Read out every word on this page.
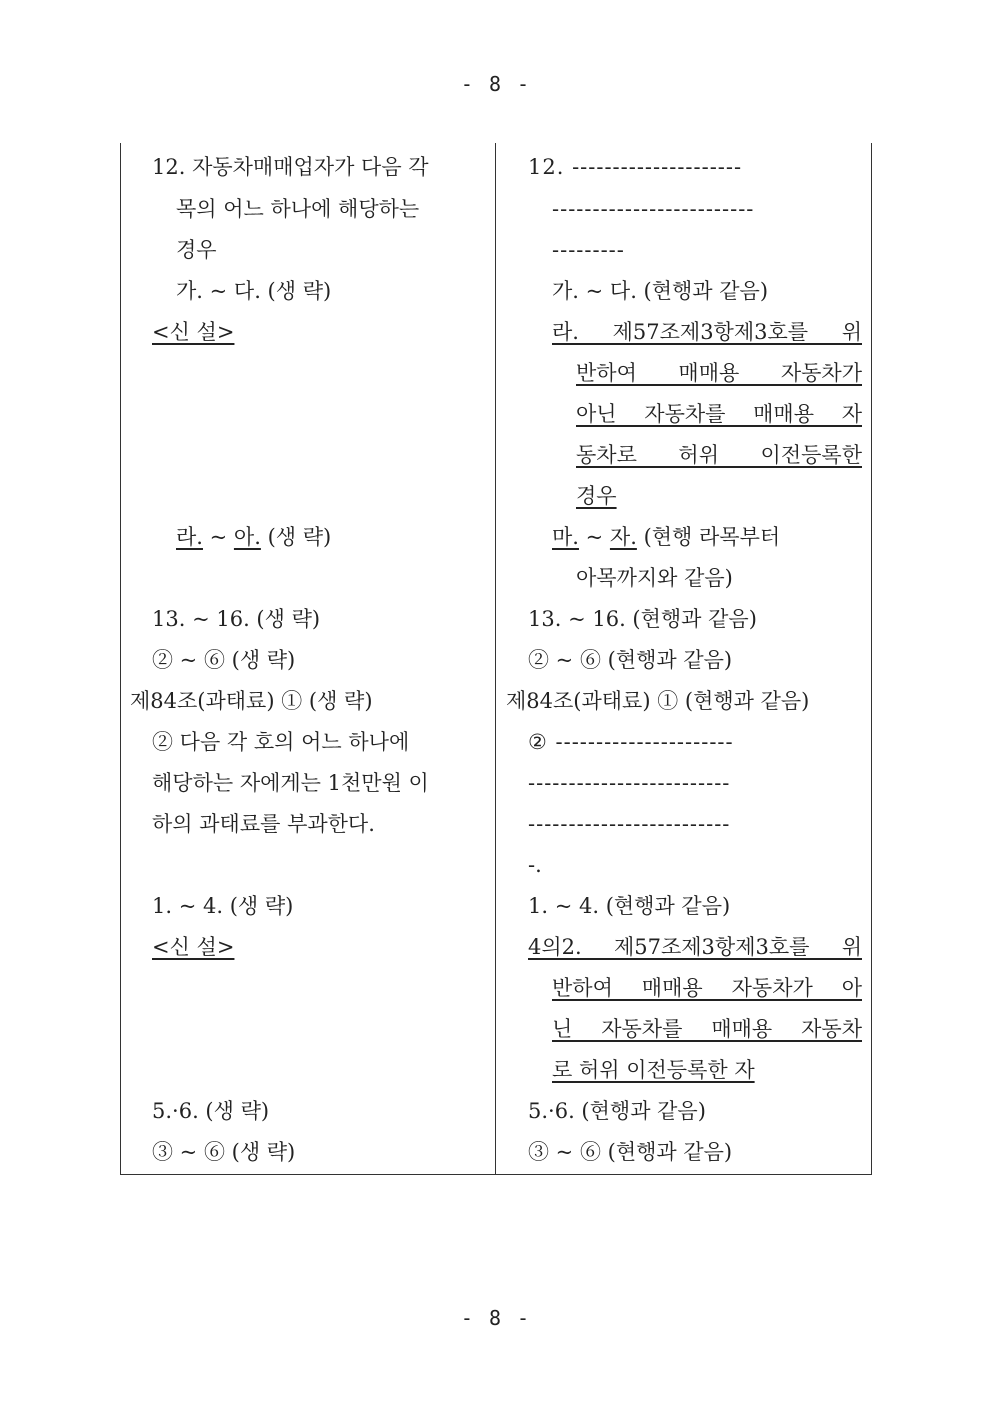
- 8 -
12. 자동차매매업자가 다음 각
목의 어느 하나에 해당하는
경우
가. ~ 다. (생 략)
<신 설>
라. ~ 아. (생 략)
13. ~ 16. (생 략)
② ~ ⑥ (생 략)
제84조(과태료) ① (생 략)
② 다음 각 호의 어느 하나에
해당하는 자에게는 1천만원 이
하의 과태료를 부과한다.
1. ~ 4. (생 략)
<신 설>
5.·6. (생 략)
③ ~ ⑥ (생 략)
12. ---------------------
-------------------------
---------
가. ~ 다. (현행과 같음)
라. 제57조제3항제3호를 위
반하여 매매용 자동차가
아닌 자동차를 매매용 자
동차로 허위 이전등록한
경우
마. ~ 자. (현행 라목부터
아목까지와 같음)
13. ~ 16. (현행과 같음)
② ~ ⑥ (현행과 같음)
제84조(과태료) ① (현행과 같음)
② ----------------------
-------------------------
-------------------------
-.
1. ~ 4. (현행과 같음)
4의2. 제57조제3항제3호를 위
반하여 매매용 자동차가 아
닌 자동차를 매매용 자동차
로 허위 이전등록한 자
5.·6. (현행과 같음)
③ ~ ⑥ (현행과 같음)
- 8 -
